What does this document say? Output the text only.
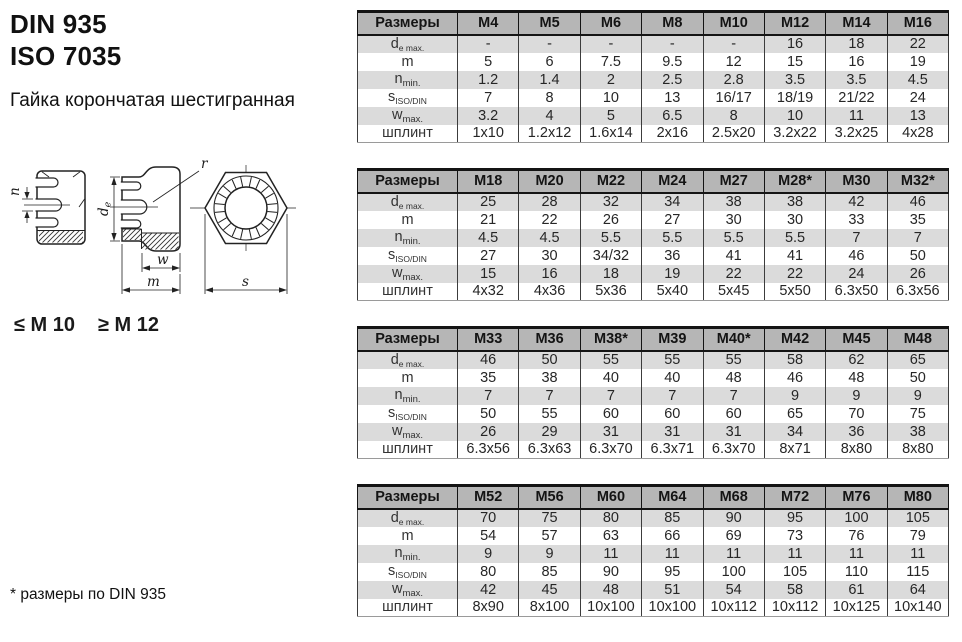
DIN 935
ISO 7035
Гайка корончатая шестигранная
n
de
r
w
m	s
≤ M 10 ≥ M 12
* размеры по DIN 935
Размеры	M4	M5	M6	M8	M10	M12	M14	M16
$d_{e max.}$	-	-	-	-	-	16	18	22
m	5	6	7.5	9.5	12	15	16	19
$n_{min.}$	1.2	1.4	2	2.5	2.8	3.5	3.5	4.5
$s_{ISO/DIN}$	7	8	10	13	16/17	18/19	21/22	24
$w_{max.}$	3.2	4	5	6.5	8	10	11	13
шплинт	1x10	1.2x12	1.6x14	2x16	2.5x20	3.2x22	3.2x25	4x28
Размеры	M18	M20	M22	M24	M27	M28*	M30	M32*
$d_{e max.}$	25	28	32	34	38	38	42	46
m	21	22	26	27	30	30	33	35
$n_{min.}$	4.5	4.5	5.5	5.5	5.5	5.5	7	7
$s_{ISO/DIN}$	27	30	34/32	36	41	41	46	50
$w_{max.}$	15	16	18	19	22	22	24	26
шплинт	4x32	4x36	5x36	5x40	5x45	5x50	6.3x50	6.3x56
Размеры	M33	M36	M38*	M39	M40*	M42	M45	M48
$d_{e max.}$	46	50	55	55	55	58	62	65
m	35	38	40	40	48	46	48	50
$n_{min.}$	7	7	7	7	7	9	9	9
$s_{ISO/DIN}$	50	55	60	60	60	65	70	75
$w_{max.}$	26	29	31	31	31	34	36	38
шплинт	6.3x56	6.3x63	6.3x70	6.3x71	6.3x70	8x71	8x80	8x80
Размеры	M52	M56	M60	M64	M68	M72	M76	M80
$d_{e max.}$	70	75	80	85	90	95	100	105
m	54	57	63	66	69	73	76	79
$n_{min.}$	9	9	11	11	11	11	11	11
$s_{ISO/DIN}$	80	85	90	95	100	105	110	115
$w_{max.}$	42	45	48	51	54	58	61	64
шплинт	8x90	8x100	10x100	10x100	10x112	10x112	10x125	10x140
